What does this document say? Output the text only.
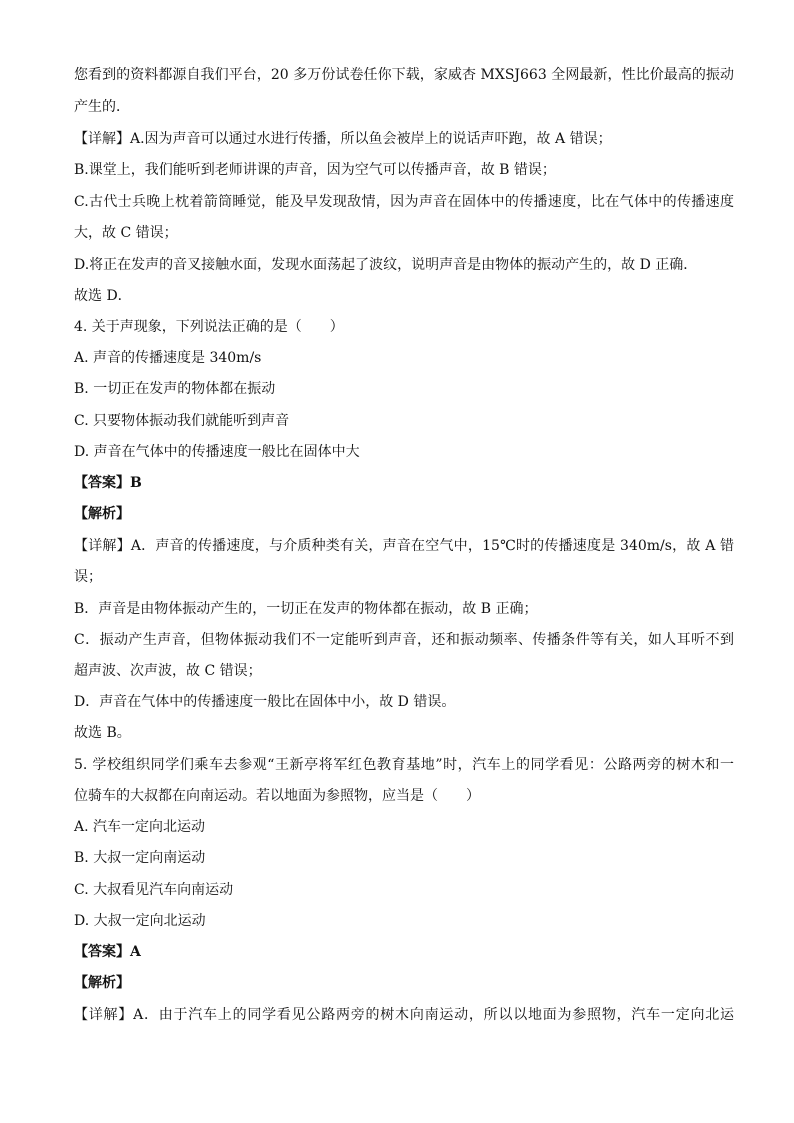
您看到的资料都源自我们平台，20 多万份试卷任你下载，家威杏 MXSJ663 全网最新，性比价最高的振动
产生的．
【详解】A.因为声音可以通过水进行传播，所以鱼会被岸上的说话声吓跑，故 A 错误；
B.课堂上，我们能听到老师讲课的声音，因为空气可以传播声音，故 B 错误；
C.古代士兵晚上枕着箭筒睡觉，能及早发现敌情，因为声音在固体中的传播速度，比在气体中的传播速度
大，故 C 错误；
D.将正在发声的音叉接触水面，发现水面荡起了波纹，说明声音是由物体的振动产生的，故 D 正确．
故选 D．
4. 关于声现象，下列说法正确的是（　　）
A. 声音的传播速度是 340m/s
B. 一切正在发声的物体都在振动
C. 只要物体振动我们就能听到声音
D. 声音在气体中的传播速度一般比在固体中大
【答案】B
【解析】
【详解】A．声音的传播速度，与介质种类有关，声音在空气中，15℃时的传播速度是 340m/s，故 A 错
误；
B．声音是由物体振动产生的，一切正在发声的物体都在振动，故 B 正确；
C．振动产生声音，但物体振动我们不一定能听到声音，还和振动频率、传播条件等有关，如人耳听不到
超声波、次声波，故 C 错误；
D．声音在气体中的传播速度一般比在固体中小，故 D 错误。
故选 B。
5. 学校组织同学们乘车去参观“王新亭将军红色教育基地”时，汽车上的同学看见：公路两旁的树木和一
位骑车的大叔都在向南运动。若以地面为参照物，应当是（　　）
A. 汽车一定向北运动
B. 大叔一定向南运动
C. 大叔看见汽车向南运动
D. 大叔一定向北运动
【答案】A
【解析】
【详解】A．由于汽车上的同学看见公路两旁的树木向南运动，所以以地面为参照物，汽车一定向北运
